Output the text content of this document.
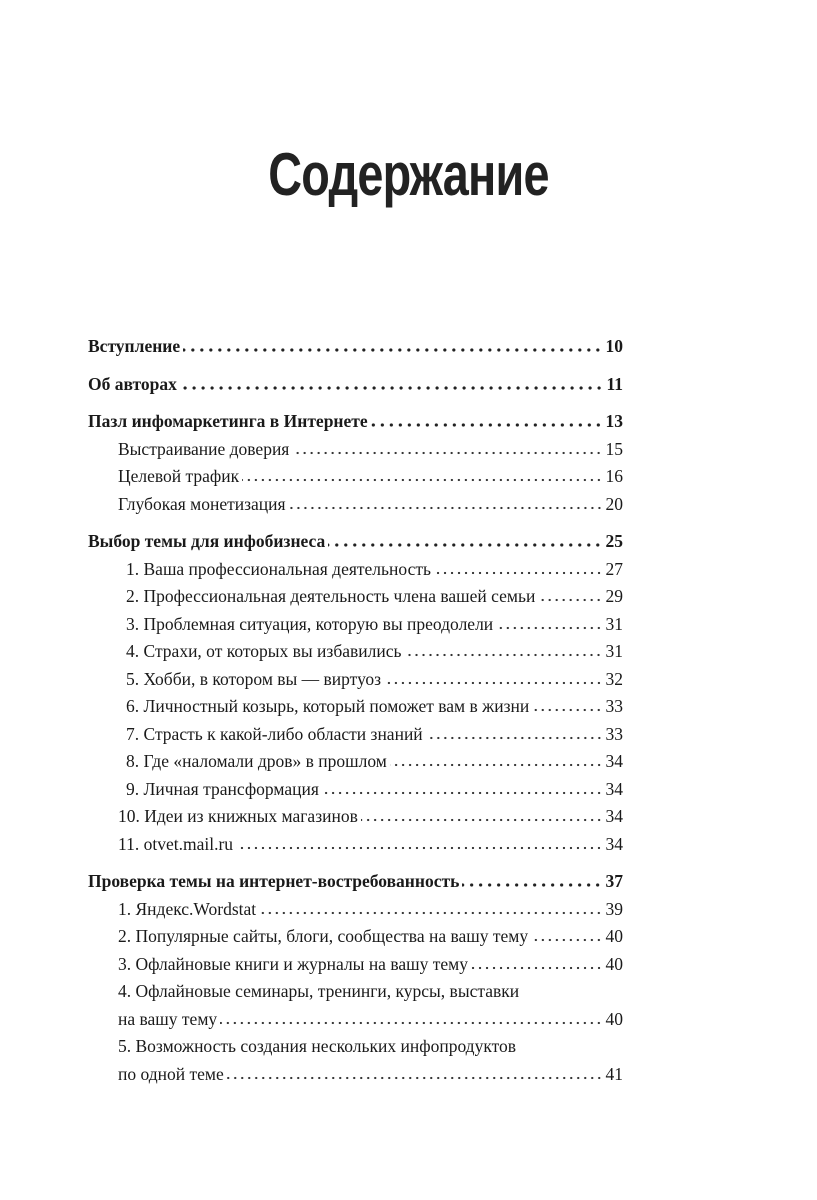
Содержание
Вступление	10
Об авторах	11
Пазл инфомаркетинга в Интернете	13
Выстраивание доверия	15
Целевой трафик	16
Глубокая монетизация	20
Выбор темы для инфобизнеса	25
1. Ваша профессиональная деятельность	27
2. Профессиональная деятельность члена вашей семьи	29
3. Проблемная ситуация, которую вы преодолели	31
4. Страхи, от которых вы избавились	31
5. Хобби, в котором вы — виртуоз	32
6. Личностный козырь, который поможет вам в жизни	33
7. Страсть к какой-либо области знаний	33
8. Где «наломали дров» в прошлом	34
9. Личная трансформация	34
10. Идеи из книжных магазинов	34
11. otvet.mail.ru	34
Проверка темы на интернет-востребованность	37
1. Яндекс.Wordstat	39
2. Популярные сайты, блоги, сообщества на вашу тему	40
3. Офлайновые книги и журналы на вашу тему	40
4. Офлайновые семинары, тренинги, курсы, выставки
на вашу тему	40
5. Возможность создания нескольких инфопродуктов
по одной теме	41
